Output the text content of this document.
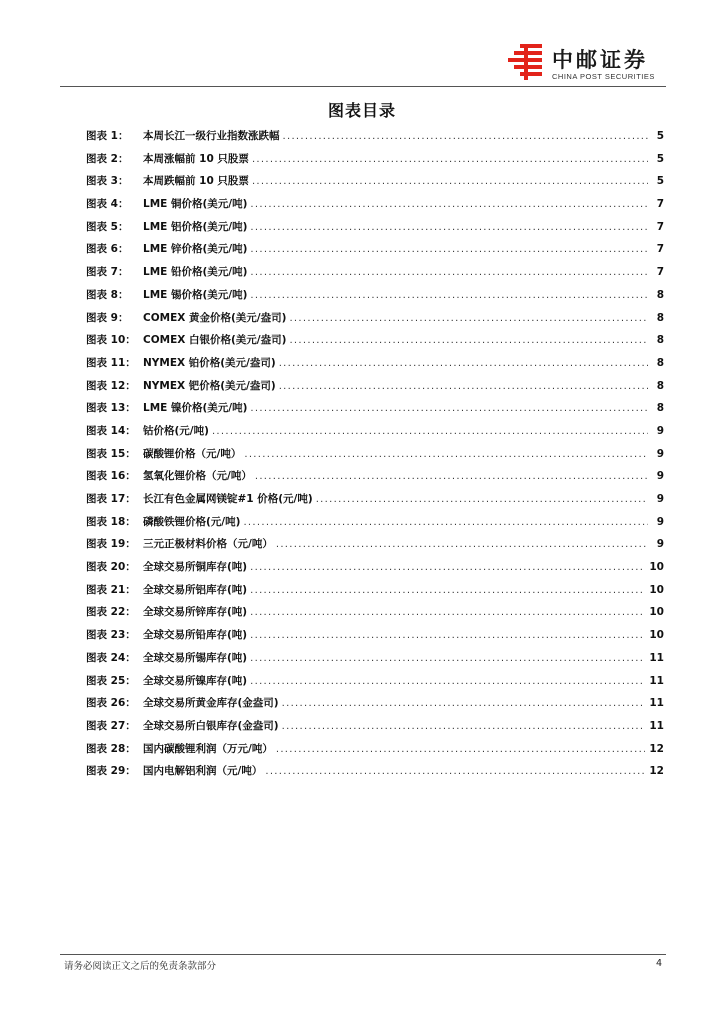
中邮证券
CHINA POST SECURITIES
图表目录
图表 1：	本周长江一级行业指数涨跌幅 .....	5
图表 2：	本周涨幅前 10 只股票 .....	5
图表 3：	本周跌幅前 10 只股票 .....	5
图表 4：	LME 铜价格(美元/吨) .....	7
图表 5：	LME 铝价格(美元/吨) .....	7
图表 6：	LME 锌价格(美元/吨) .....	7
图表 7：	LME 铅价格(美元/吨) .....	7
图表 8：	LME 锡价格(美元/吨) .....	8
图表 9：	COMEX 黄金价格(美元/盎司) .....	8
图表 10： COMEX 白银价格(美元/盎司) .....	8
图表 11： NYMEX 铂价格(美元/盎司) .....	8
图表 12： NYMEX 钯价格(美元/盎司) .....	8
图表 13： LME 镍价格(美元/吨) .....	8
图表 14： 钴价格(元/吨) .....	9
图表 15： 碳酸锂价格（元/吨） .....	9
图表 16： 氢氧化锂价格（元/吨） .....	9
图表 17： 长江有色金属网镁锭#1 价格(元/吨) .....	9
图表 18： 磷酸铁锂价格(元/吨) .....	9
图表 19： 三元正极材料价格（元/吨） .....	9
图表 20： 全球交易所铜库存(吨) .....	10
图表 21： 全球交易所铝库存(吨) .....	10
图表 22： 全球交易所锌库存(吨) .....	10
图表 23： 全球交易所铅库存(吨) .....	10
图表 24： 全球交易所锡库存(吨) .....	11
图表 25： 全球交易所镍库存(吨) .....	11
图表 26： 全球交易所黄金库存(金盎司) .....	11
图表 27： 全球交易所白银库存(金盎司) .....	11
图表 28： 国内碳酸锂利润（万元/吨） .....	12
图表 29： 国内电解铝利润（元/吨） .....	12
请务必阅读正文之后的免责条款部分	4
